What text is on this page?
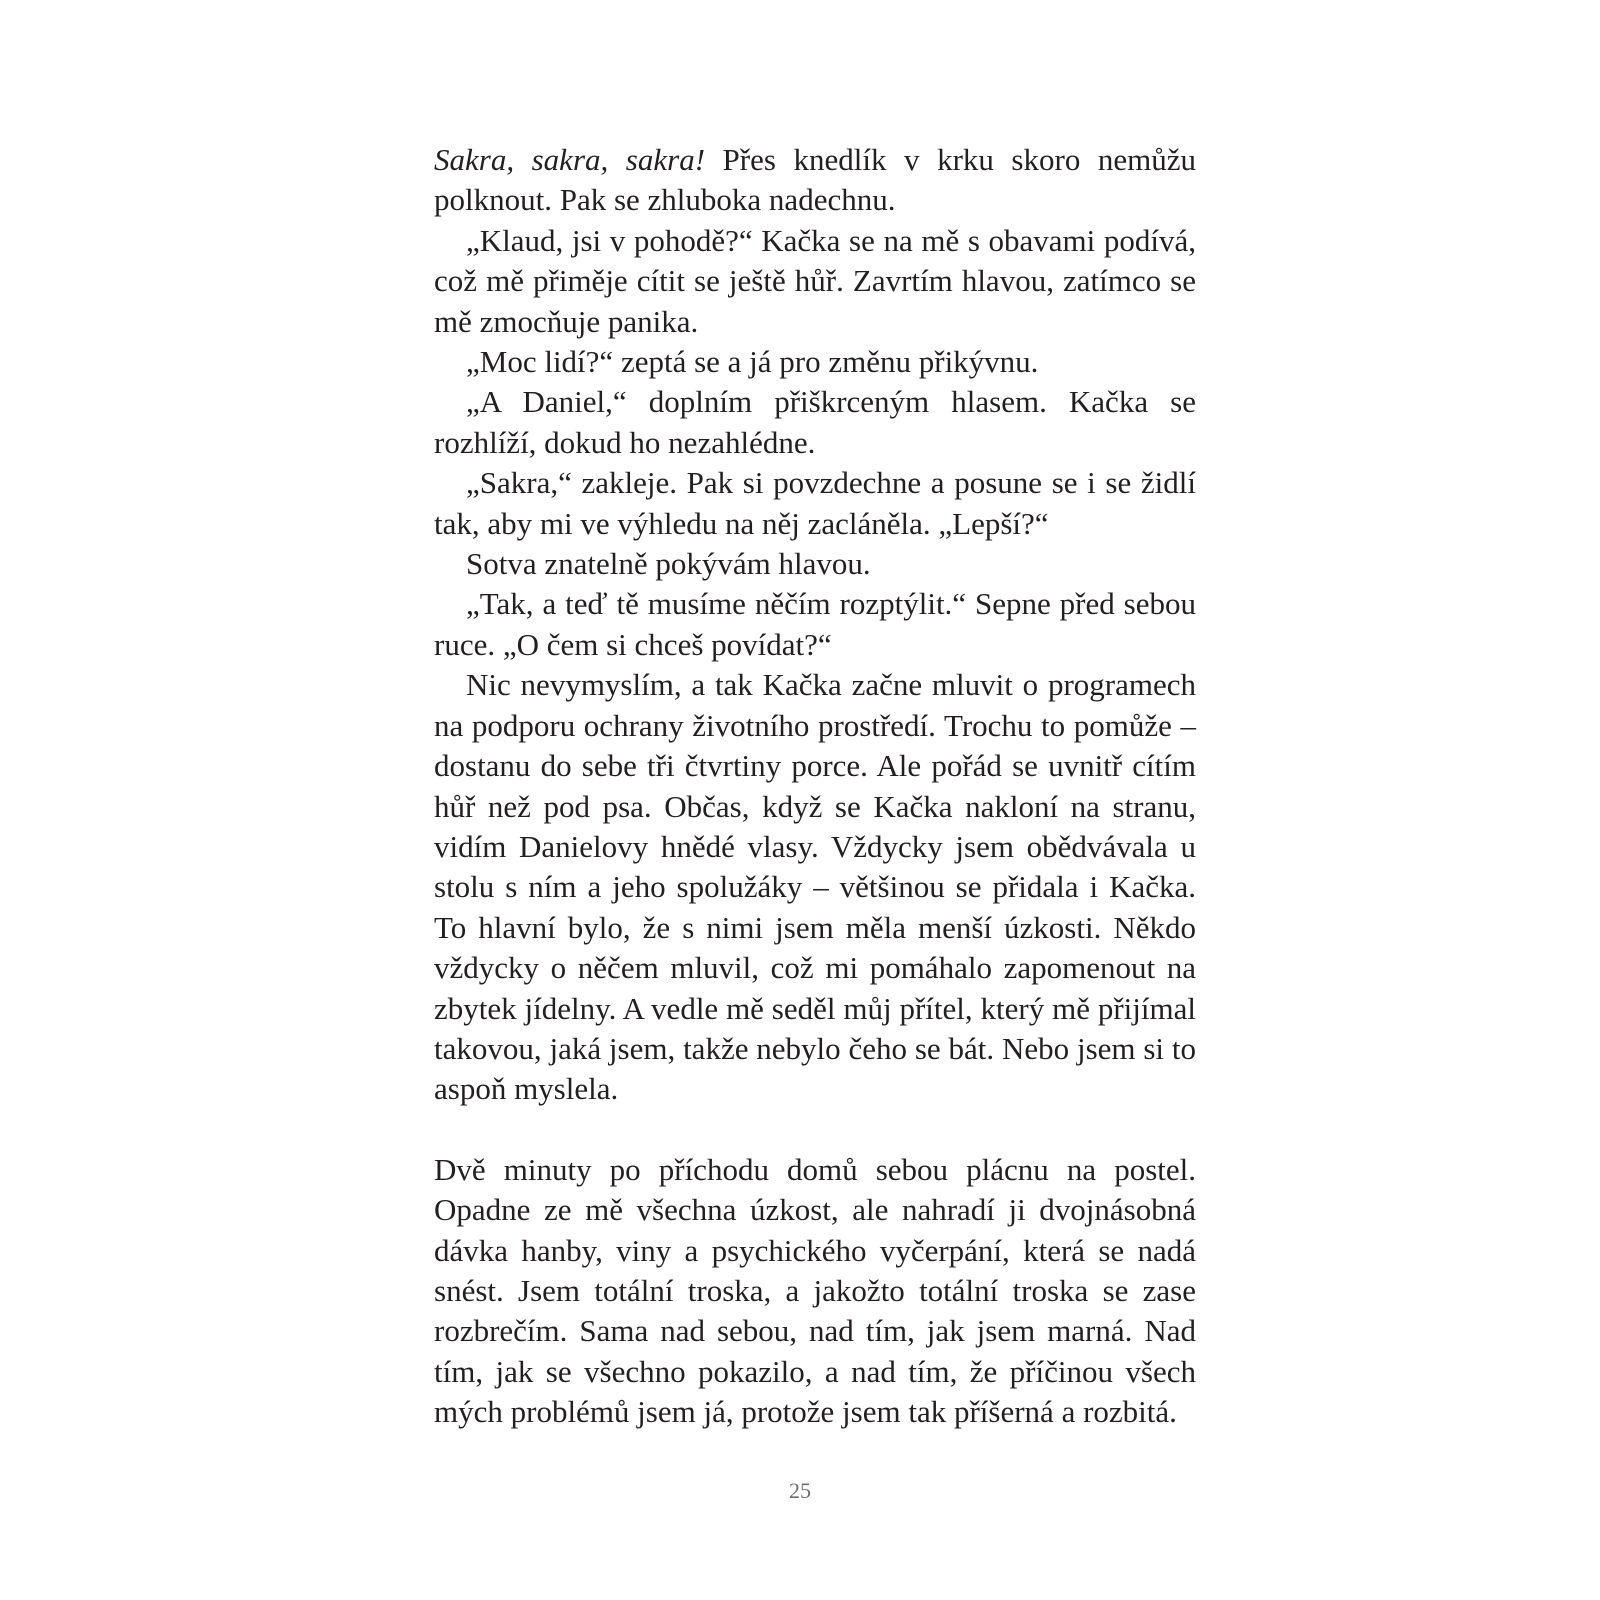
Sakra, sakra, sakra! Přes knedlík v krku skoro nemůžu polknout. Pak se zhluboka nadechnu.

„Klaud, jsi v pohodě?“ Kačka se na mě s obavami podívá, což mě přiměje cítit se ještě hůř. Zavrtím hlavou, zatímco se mě zmocňuje panika.

„Moc lidí?“ zeptá se a já pro změnu přikývnu.

„A Daniel,“ doplním přiškrceným hlasem. Kačka se rozhlíží, dokud ho nezahlédne.

„Sakra,“ zakleje. Pak si povzdechne a posune se i se židlí tak, aby mi ve výhledu na něj zacláněla. „Lepší?“

Sotva znatelně pokývám hlavou.

„Tak, a teď tě musíme něčím rozptýlit.“ Sepne před sebou ruce. „O čem si chceš povídat?“

Nic nevymyslím, a tak Kačka začne mluvit o programech na podporu ochrany životního prostředí. Trochu to pomůže – dostanu do sebe tři čtvrtiny porce. Ale pořád se uvnitř cítím hůř než pod psa. Občas, když se Kačka nakloní na stranu, vidím Danielovy hnědé vlasy. Vždycky jsem obědvávala u stolu s ním a jeho spolužáky – většinou se přidala i Kačka. To hlavní bylo, že s nimi jsem měla menší úzkosti. Někdo vždycky o něčem mluvil, což mi pomáhalo zapomenout na zbytek jídelny. A vedle mě seděl můj přítel, který mě přijímal takovou, jaká jsem, takže nebylo čeho se bát. Nebo jsem si to aspoň myslela.

Dvě minuty po příchodu domů sebou plácnu na postel. Opadne ze mě všechna úzkost, ale nahradí ji dvojnásobná dávka hanby, viny a psychického vyčerpání, která se nadá snést. Jsem totální troska, a jakožto totální troska se zase rozbrečím. Sama nad sebou, nad tím, jak jsem marná. Nad tím, jak se všechno pokazilo, a nad tím, že příčinou všech mých problémů jsem já, protože jsem tak příšerná a rozbitá.

25
